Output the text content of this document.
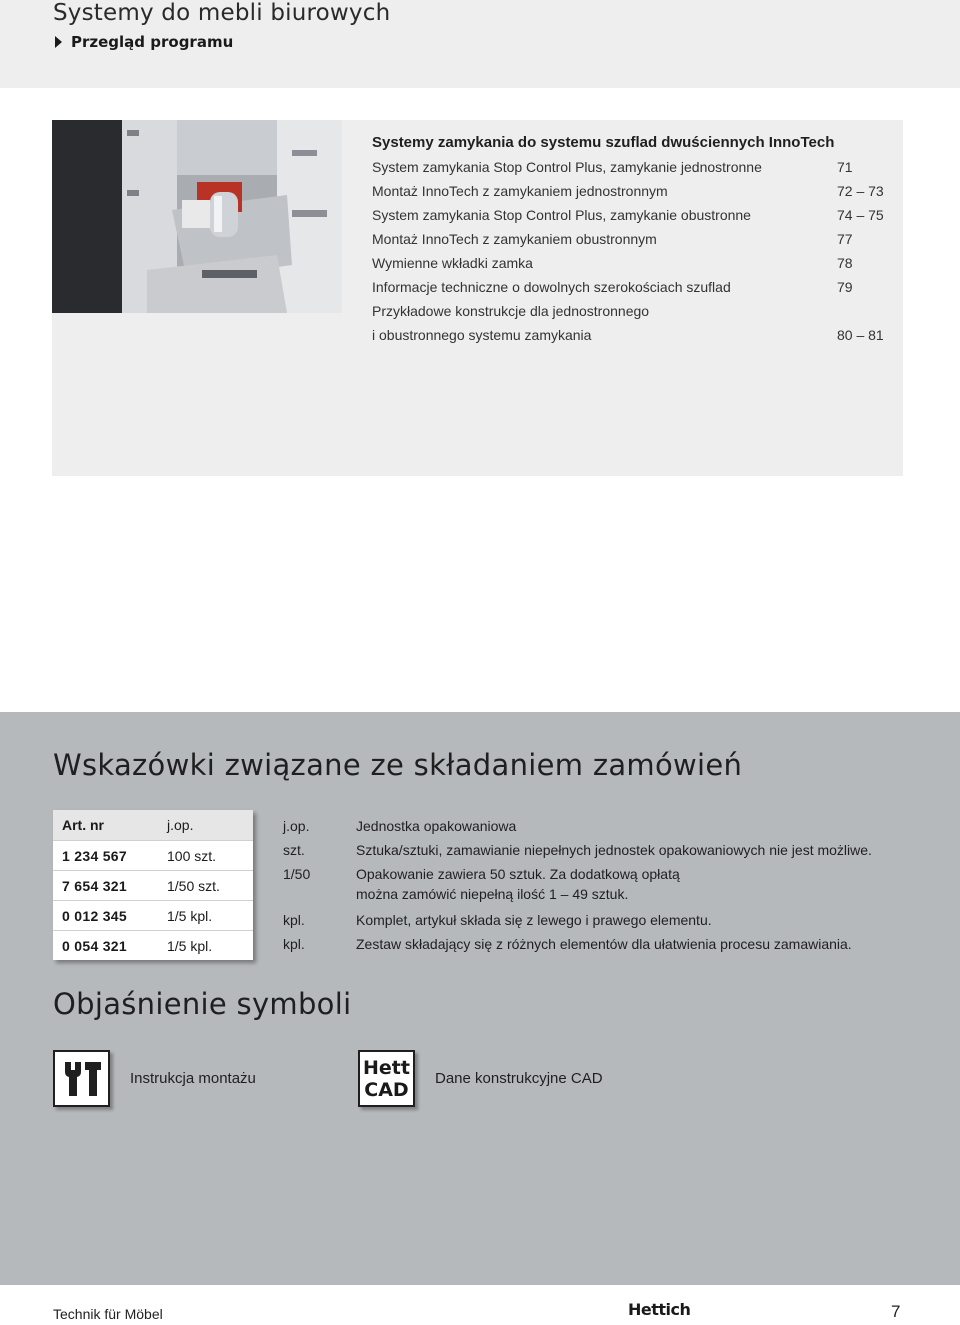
Systemy do mebli biurowych
Przegląd programu
Systemy zamykania do systemu szuflad dwuściennych InnoTech
System zamykania Stop Control Plus, zamykanie jednostronne	71
Montaż InnoTech z zamykaniem jednostronnym	72 – 73
System zamykania Stop Control Plus, zamykanie obustronne	74 – 75
Montaż InnoTech z zamykaniem obustronnym	77
Wymienne wkładki zamka	78
Informacje techniczne o dowolnych szerokościach szuflad	79
Przykładowe konstrukcje dla jednostronnego
i obustronnego systemu zamykania	80 – 81
Wskazówki związane ze składaniem zamówień
Art. nr	j.op.
1 234 567	100 szt.
7 654 321	1/50 szt.
0 012 345	1/5 kpl.
0 054 321	1/5 kpl.
j.op.	Jednostka opakowaniowa
szt.	Sztuka/sztuki, zamawianie niepełnych jednostek opakowaniowych nie jest możliwe.
1/50	Opakowanie zawiera 50 sztuk. Za dodatkową opłatą
można zamówić niepełną ilość 1 – 49 sztuk.
kpl.	Komplet, artykuł składa się z lewego i prawego elementu.
kpl.	Zestaw składający się z różnych elementów dla ułatwienia procesu zamawiania.
Objaśnienie symboli
Instrukcja montażu	Hett
CAD Dane konstrukcyjne CAD
Technik für Möbel	Hettich	7
